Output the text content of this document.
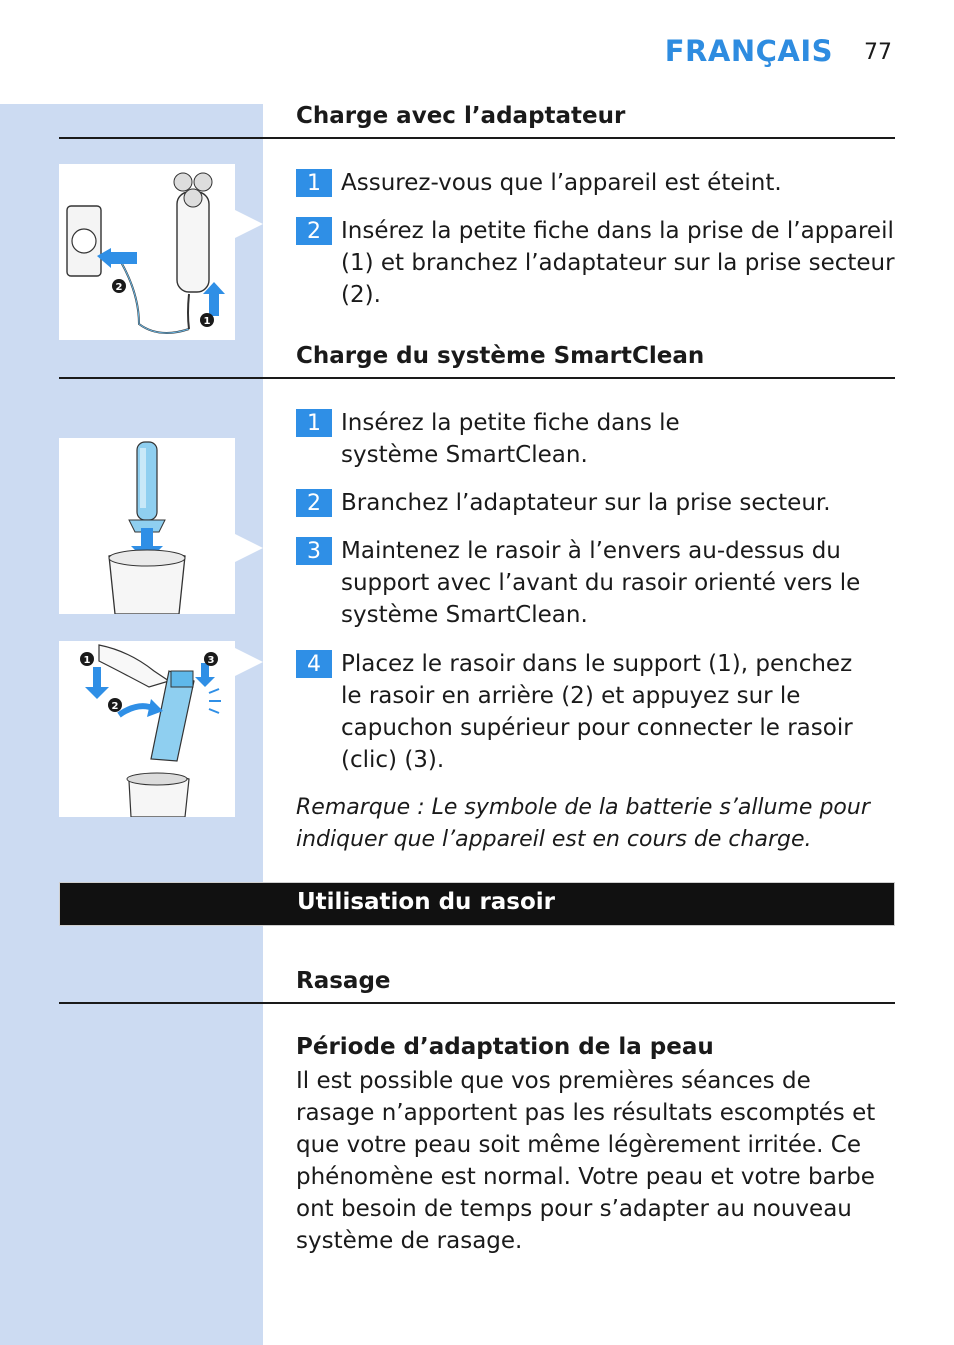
FRANÇAIS 77
Charge avec l’adaptateur
2
1
1 Assurez-vous que l’appareil est éteint.
2 Insérez la petite fiche dans la prise de l’appareil (1) et branchez l’adaptateur sur la prise secteur (2).
Charge du système SmartClean
1	3
2
1 Insérez la petite fiche dans le système SmartClean.
2 Branchez l’adaptateur sur la prise secteur.
3 Maintenez le rasoir à l’envers au-dessus du support avec l’avant du rasoir orienté vers le système SmartClean.
4 Placez le rasoir dans le support (1), penchez le rasoir en arrière (2) et appuyez sur le capuchon supérieur pour connecter le rasoir (clic) (3).
Remarque : Le symbole de la batterie s’allume pour indiquer que l’appareil est en cours de charge.
Utilisation du rasoir
Rasage
Période d’adaptation de la peau
Il est possible que vos premières séances de rasage n’apportent pas les résultats escomptés et que votre peau soit même légèrement irritée. Ce phénomène est normal. Votre peau et votre barbe ont besoin de temps pour s’adapter au nouveau système de rasage.
